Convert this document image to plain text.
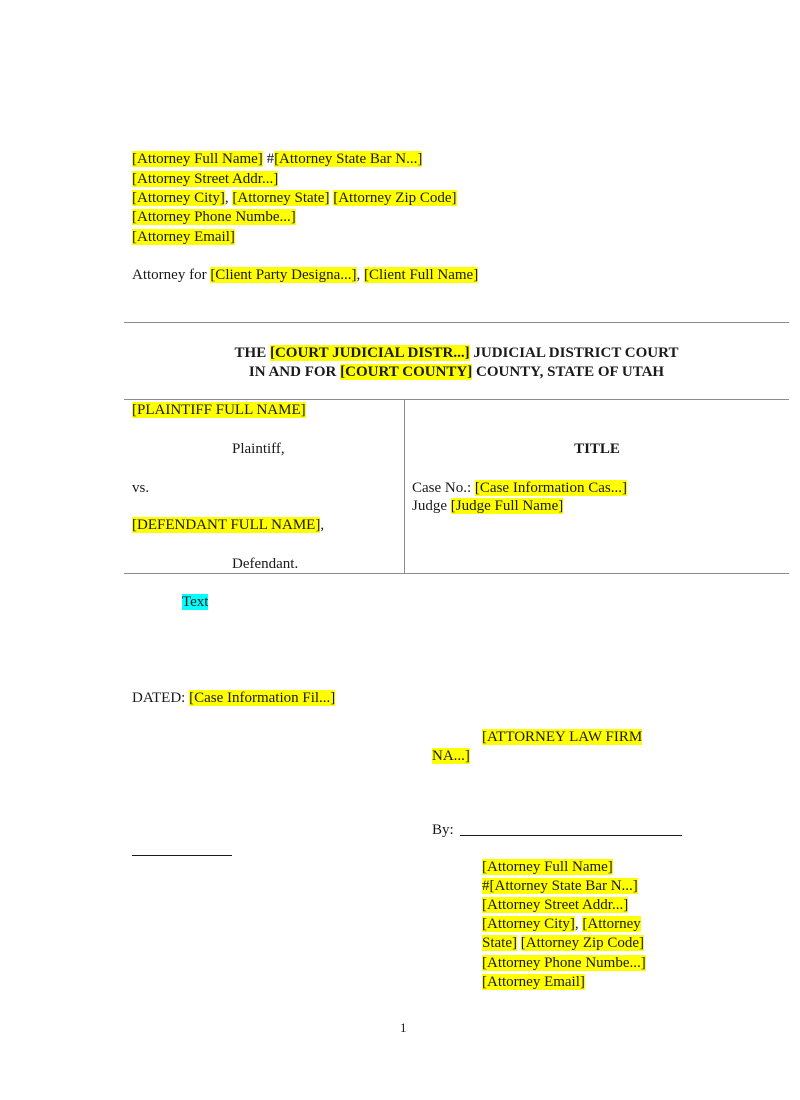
[Attorney Full Name] #[Attorney State Bar N...]
[Attorney Street Addr...]
[Attorney City], [Attorney State] [Attorney Zip Code]
[Attorney Phone Numbe...]
[Attorney Email]
Attorney for [Client Party Designa...], [Client Full Name]
THE [COURT JUDICIAL DISTR...] JUDICIAL DISTRICT COURT
IN AND FOR [COURT COUNTY] COUNTY, STATE OF UTAH
[PLAINTIFF FULL NAME]
Plaintiff,
vs.
[DEFENDANT FULL NAME],
Defendant.
TITLE
Case No.: [Case Information Cas...]
Judge [Judge Full Name]
Text
DATED: [Case Information Fil...]
[ATTORNEY LAW FIRM
NA...]
By:
[Attorney Full Name]
#[Attorney State Bar N...]
[Attorney Street Addr...]
[Attorney City], [Attorney
State] [Attorney Zip Code]
[Attorney Phone Numbe...]
[Attorney Email]
1
